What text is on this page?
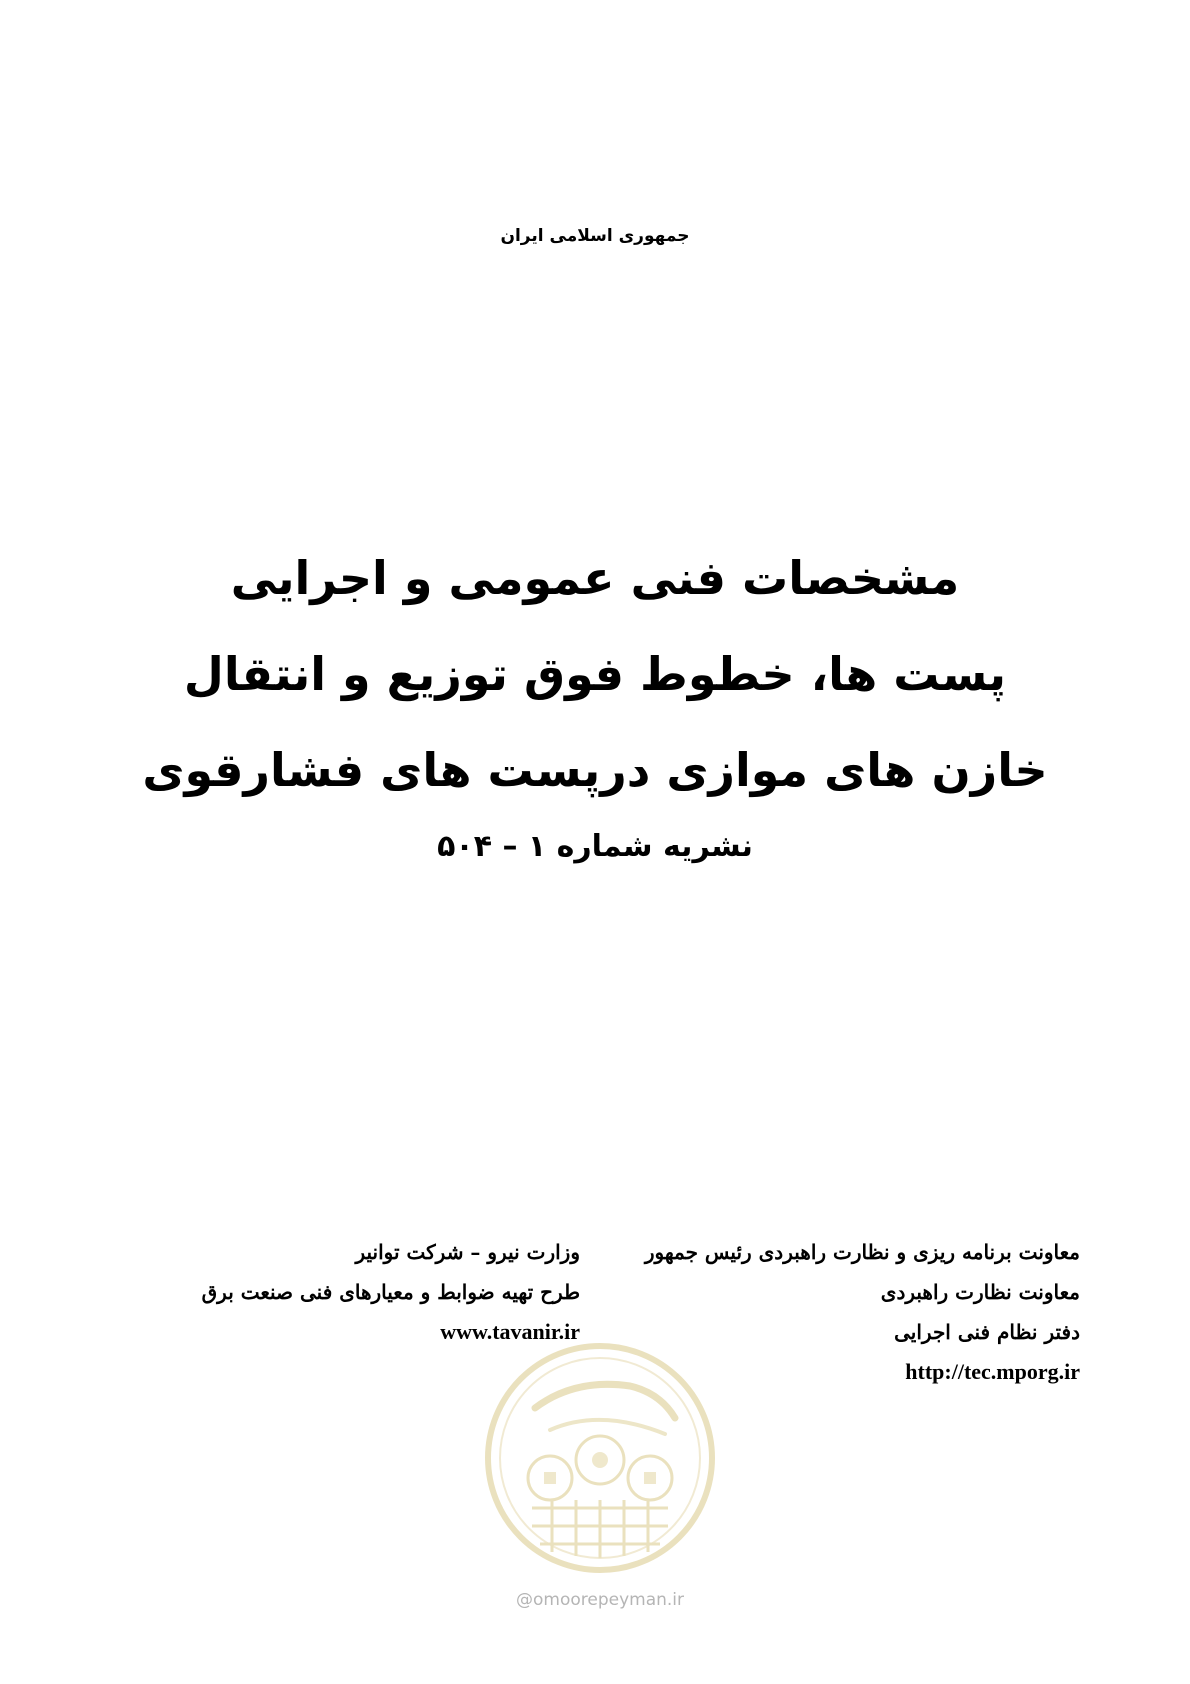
جمهوری اسلامی ایران
مشخصات فنی عمومی و اجرایی
پست ها، خطوط فوق توزیع و انتقال
خازن های موازی درپست های فشارقوی
نشریه شماره ۱ – ۵۰۴
معاونت برنامه ریزی و نظارت راهبردی رئیس جمهور
معاونت نظارت راهبردی
دفتر نظام فنی اجرایی
http://tec.mporg.ir
وزارت نیرو – شرکت توانیر
طرح تهیه ضوابط و معیارهای فنی صنعت برق
www.tavanir.ir
@omoorepeyman.ir
